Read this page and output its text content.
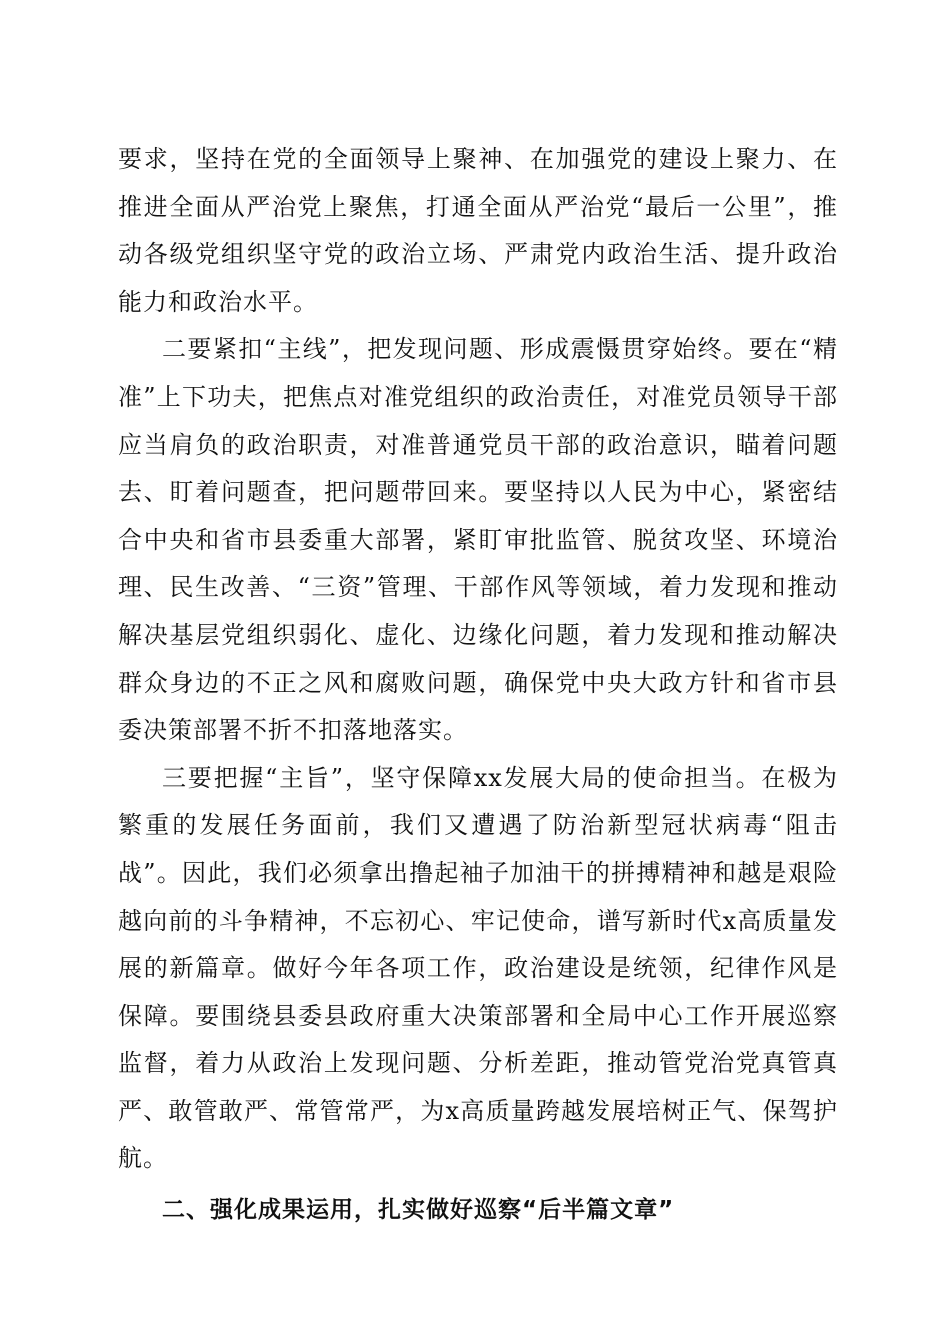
要求，坚持在党的全面领导上聚神、在加强党的建设上聚力、在推进全面从严治党上聚焦，打通全面从严治党“最后一公里”，推动各级党组织坚守党的政治立场、严肃党内政治生活、提升政治能力和政治水平。

二要紧扣“主线”，把发现问题、形成震慑贯穿始终。要在“精准”上下功夫，把焦点对准党组织的政治责任，对准党员领导干部应当肩负的政治职责，对准普通党员干部的政治意识，瞄着问题去、盯着问题查，把问题带回来。要坚持以人民为中心，紧密结合中央和省市县委重大部署，紧盯审批监管、脱贫攻坚、环境治理、民生改善、“三资”管理、干部作风等领域，着力发现和推动解决基层党组织弱化、虚化、边缘化问题，着力发现和推动解决群众身边的不正之风和腐败问题，确保党中央大政方针和省市县委决策部署不折不扣落地落实。

三要把握“主旨”，坚守保障xx发展大局的使命担当。在极为繁重的发展任务面前，我们又遭遇了防治新型冠状病毒“阻击战”。因此，我们必须拿出撸起袖子加油干的拼搏精神和越是艰险越向前的斗争精神，不忘初心、牢记使命，谱写新时代x高质量发展的新篇章。做好今年各项工作，政治建设是统领，纪律作风是保障。要围绕县委县政府重大决策部署和全局中心工作开展巡察监督，着力从政治上发现问题、分析差距，推动管党治党真管真严、敢管敢严、常管常严，为x高质量跨越发展培树正气、保驾护航。

二、强化成果运用，扎实做好巡察“后半篇文章”
